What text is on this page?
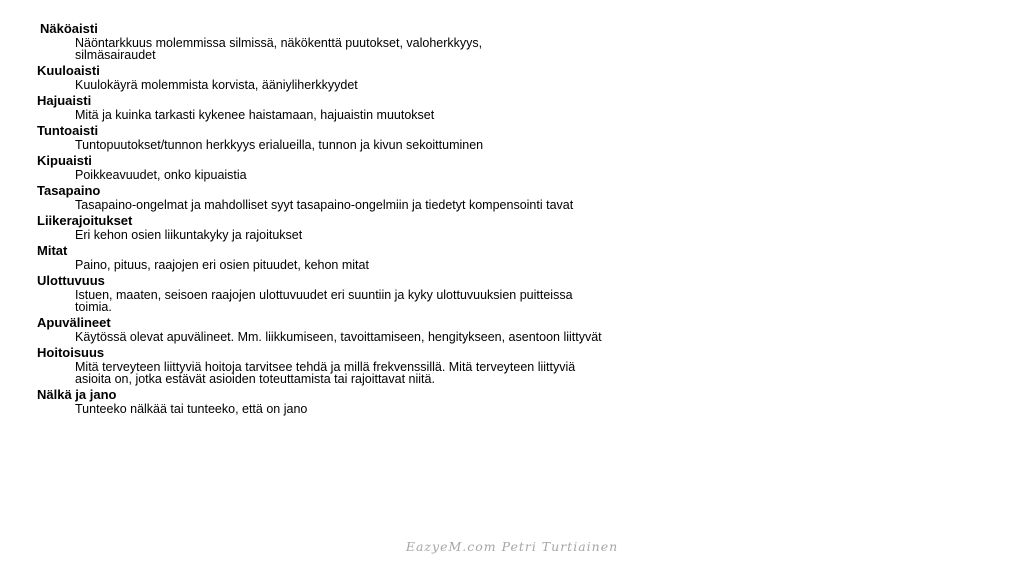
Näköaisti
Näöntarkkuus molemmissa silmissä, näkökenttä puutokset, valoherkkyys, silmäsairaudet
Kuuloaisti
Kuulokäyrä molemmista korvista, ääniyliherkkyydet
Hajuaisti
Mitä ja kuinka tarkasti kykenee haistamaan, hajuaistin muutokset
Tuntoaisti
Tuntopuutokset/tunnon herkkyys erialueilla, tunnon ja kivun sekoittuminen
Kipuaisti
Poikkeavuudet, onko kipuaistia
Tasapaino
Tasapaino-ongelmat ja mahdolliset syyt tasapaino-ongelmiin ja tiedetyt kompensointi tavat
Liikerajoitukset
Eri kehon osien liikuntakyky ja rajoitukset
Mitat
Paino, pituus, raajojen eri osien pituudet, kehon mitat
Ulottuvuus
Istuen, maaten, seisoen raajojen ulottuvuudet eri suuntiin ja kyky ulottuvuuksien puitteissa toimia.
Apuvälineet
Käytössä olevat apuvälineet. Mm. liikkumiseen, tavoittamiseen, hengitykseen, asentoon liittyvät
Hoitoisuus
Mitä terveyteen liittyviä hoitoja tarvitsee tehdä ja millä frekvenssillä. Mitä terveyteen liittyviä asioita on, jotka estävät asioiden toteuttamista tai rajoittavat niitä.
Nälkä ja jano
Tunteeko nälkää tai tunteeko, että on jano
EazyeM.com Petri Turtiainen
